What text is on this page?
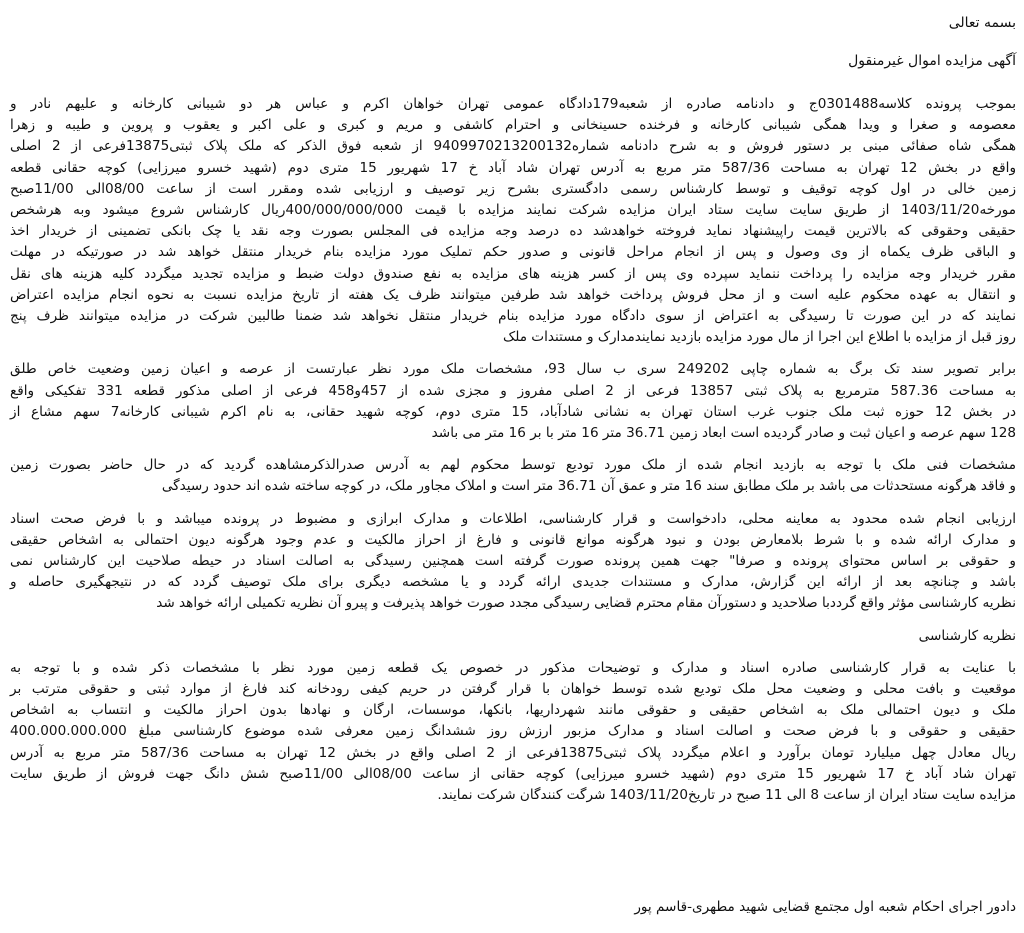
بسمه تعالی

آگهی مزایده اموال غیرمنقول

بموجب پرونده کلاسه0301488ج و دادنامه صادره از شعبه179دادگاه عمومی تهران خواهان اکرم و عباس هر دو شیبانی کارخانه و علیهم نادر و

معصومه و صغرا و ویدا همگی شیبانی کارخانه و فرخنده حسینخانی و احترام کاشفی و مریم و کبری و علی اکبر و یعقوب و پروین و طیبه و زهرا

همگی شاه صفائی مبنی بر دستور فروش و به شرح دادنامه شماره9409970213200132 از شعبه فوق الذکر که ملک پلاک ثبتی13875فرعی از 2 اصلی

واقع در بخش 12 تهران به مساحت 587/36 متر مربع به آدرس تهران شاد آباد خ 17 شهریور 15 متری دوم (شهید خسرو میرزایی) کوچه حقانی قطعه

زمین خالی در اول کوچه توقیف و توسط کارشناس رسمی دادگستری بشرح زیر توصیف و ارزیابی شده ومقرر است از ساعت 08/00الی 11/00صبح

مورخه1403/11/20 از طریق سایت سایت ستاد ایران مزایده شرکت نمایند مزایده با قیمت 400/000/000/000ریال کارشناس شروع میشود وبه هرشخص

حقیقی وحقوقی که بالاترین قیمت راپیشنهاد نماید فروخته خواهدشد ده درصد وجه مزایده فی المجلس بصورت وجه نقد یا چک بانکی تضمینی از خریدار اخذ

و الباقی ظرف یکماه از وی وصول و پس از انجام مراحل قانونی و صدور حکم تملیک مورد مزایده بنام خریدار منتقل خواهد شد در صورتیکه در مهلت

مقرر خریدار وجه مزایده را پرداخت ننماید سپرده وی پس از کسر هزینه های مزایده به نفع صندوق دولت ضبط و مزایده تجدید میگردد کلیه هزینه های نقل

و انتقال به عهده محکوم علیه است و از محل فروش پرداخت خواهد شد طرفین میتوانند ظرف یک هفته از تاریخ مزایده نسبت به نحوه انجام مزایده اعتراض

نمایند که در این صورت تا رسیدگی به اعتراض از سوی دادگاه مورد مزایده بنام خریدار منتقل نخواهد شد ضمنا طالبین شرکت در مزایده میتوانند ظرف پنج

روز قبل از مزایده با اطلاع این اجرا از مال مورد مزایده بازدید نمایندمدارک و مستندات ملک

برابر تصویر سند تک برگ به شماره چاپی 249202 سری ب سال 93، مشخصات ملک مورد نظر عبارتست از عرصه و اعیان زمین وضعیت خاص طلق

به مساحت 587.36 مترمربع به پلاک ثبتی 13857 فرعی از 2 اصلی مفروز و مجزی شده از 457و458 فرعی از اصلی مذکور قطعه 331 تفکیکی واقع

در بخش 12 حوزه ثبت ملک جنوب غرب استان تهران به نشانی شادآباد، 15 متری دوم، کوچه شهید حقانی، به نام اکرم شیبانی کارخانه7 سهم مشاع از

128 سهم عرصه و اعیان ثبت و صادر گردیده است ابعاد زمین 36.71 متر 16 متر با بر 16 متر می باشد

مشخصات فنی ملک با توجه به بازدید انجام شده از ملک مورد تودیع توسط محکوم لهم به آدرس صدرالذکرمشاهده گردید که در حال حاضر بصورت زمین

و فاقد هرگونه مستحدثات می باشد بر ملک مطابق سند 16 متر و عمق آن 36.71 متر است و املاک مجاور ملک، در کوچه ساخته شده اند حدود رسیدگی

ارزیابی انجام شده محدود به معاینه محلی، دادخواست و قرار کارشناسی، اطلاعات و مدارک ابرازی و مضبوط در پرونده میباشد و با فرض صحت اسناد

و مدارک ارائه شده و با شرط بلامعارض بودن و نبود هرگونه موانع قانونی و فارغ از احراز مالکیت و عدم وجود هرگونه دیون احتمالی به اشخاص حقیقی

و حقوقی بر اساس محتوای پرونده و صرفا" جهت همین پرونده صورت گرفته است همچنین رسیدگی به اصالت اسناد در حیطه صلاحیت این کارشناس نمی

باشد و چنانچه بعد از ارائه این گزارش، مدارک و مستندات جدیدی ارائه گردد و یا مشخصه دیگری برای ملک توصیف گردد که در نتیجهگیری حاصله و

نظریه کارشناسی مؤثر واقع گرددبا صلاحدید و دستورآن مقام محترم قضایی رسیدگی مجدد صورت خواهد پذیرفت و پیرو آن نظریه تکمیلی ارائه خواهد شد

نظریه کارشناسی

با عنایت به قرار کارشناسی صادره اسناد و مدارک و توضیحات مذکور در خصوص یک قطعه زمین مورد نظر با مشخصات ذکر شده و با توجه به

موقعیت و بافت محلی و وضعیت محل ملک تودیع شده توسط خواهان با قرار گرفتن در حریم کیفی رودخانه کند فارغ از موارد ثبتی و حقوقی مترتب بر

ملک و دیون احتمالی ملک به اشخاص حقیقی و حقوقی مانند شهرداریها، بانکها، موسسات، ارگان و نهادها بدون احراز مالکیت و انتساب به اشخاص

حقیقی و حقوقی و با فرض صحت و اصالت اسناد و مدارک مزبور ارزش روز ششدانگ زمین معرفی شده موضوع کارشناسی مبلغ 400.000.000.000

ریال معادل چهل میلیارد تومان برآورد و اعلام میگردد پلاک ثبتی13875فرعی از 2 اصلی واقع در بخش 12 تهران به مساحت 587/36 متر مربع به آدرس

تهران شاد آباد خ 17 شهریور 15 متری دوم (شهید خسرو میرزایی) کوچه حقانی از ساعت 08/00الی 11/00صبح شش دانگ جهت فروش از طریق سایت

مزایده سایت ستاد ایران از ساعت 8 الی 11 صبح در تاریخ1403/11/20 شرگت کنندگان شرکت نمایند.

دادور اجرای احکام شعبه اول مجتمع قضایی شهید مطهری-قاسم پور
